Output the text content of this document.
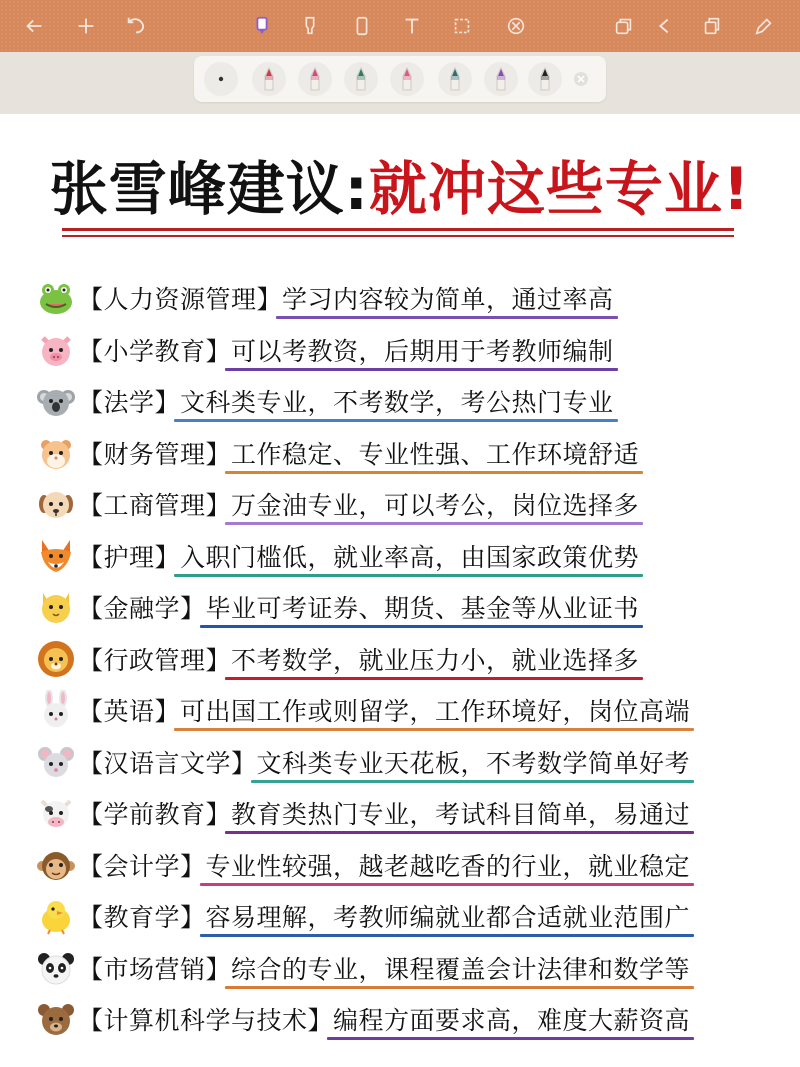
张雪峰建议:就冲这些专业!
【人力资源管理】学习内容较为简单，通过率高
【小学教育】可以考教资，后期用于考教师编制
【法学】文科类专业，不考数学，考公热门专业
【财务管理】工作稳定、专业性强、工作环境舒适
【工商管理】万金油专业，可以考公，岗位选择多
【护理】入职门槛低，就业率高，由国家政策优势
【金融学】毕业可考证券、期货、基金等从业证书
【行政管理】不考数学，就业压力小，就业选择多
【英语】可出国工作或则留学，工作环境好，岗位高端
【汉语言文学】文科类专业天花板，不考数学简单好考
【学前教育】教育类热门专业，考试科目简单，易通过
【会计学】专业性较强，越老越吃香的行业，就业稳定
【教育学】容易理解，考教师编就业都合适就业范围广
【市场营销】综合的专业，课程覆盖会计法律和数学等
【计算机科学与技术】编程方面要求高，难度大薪资高
